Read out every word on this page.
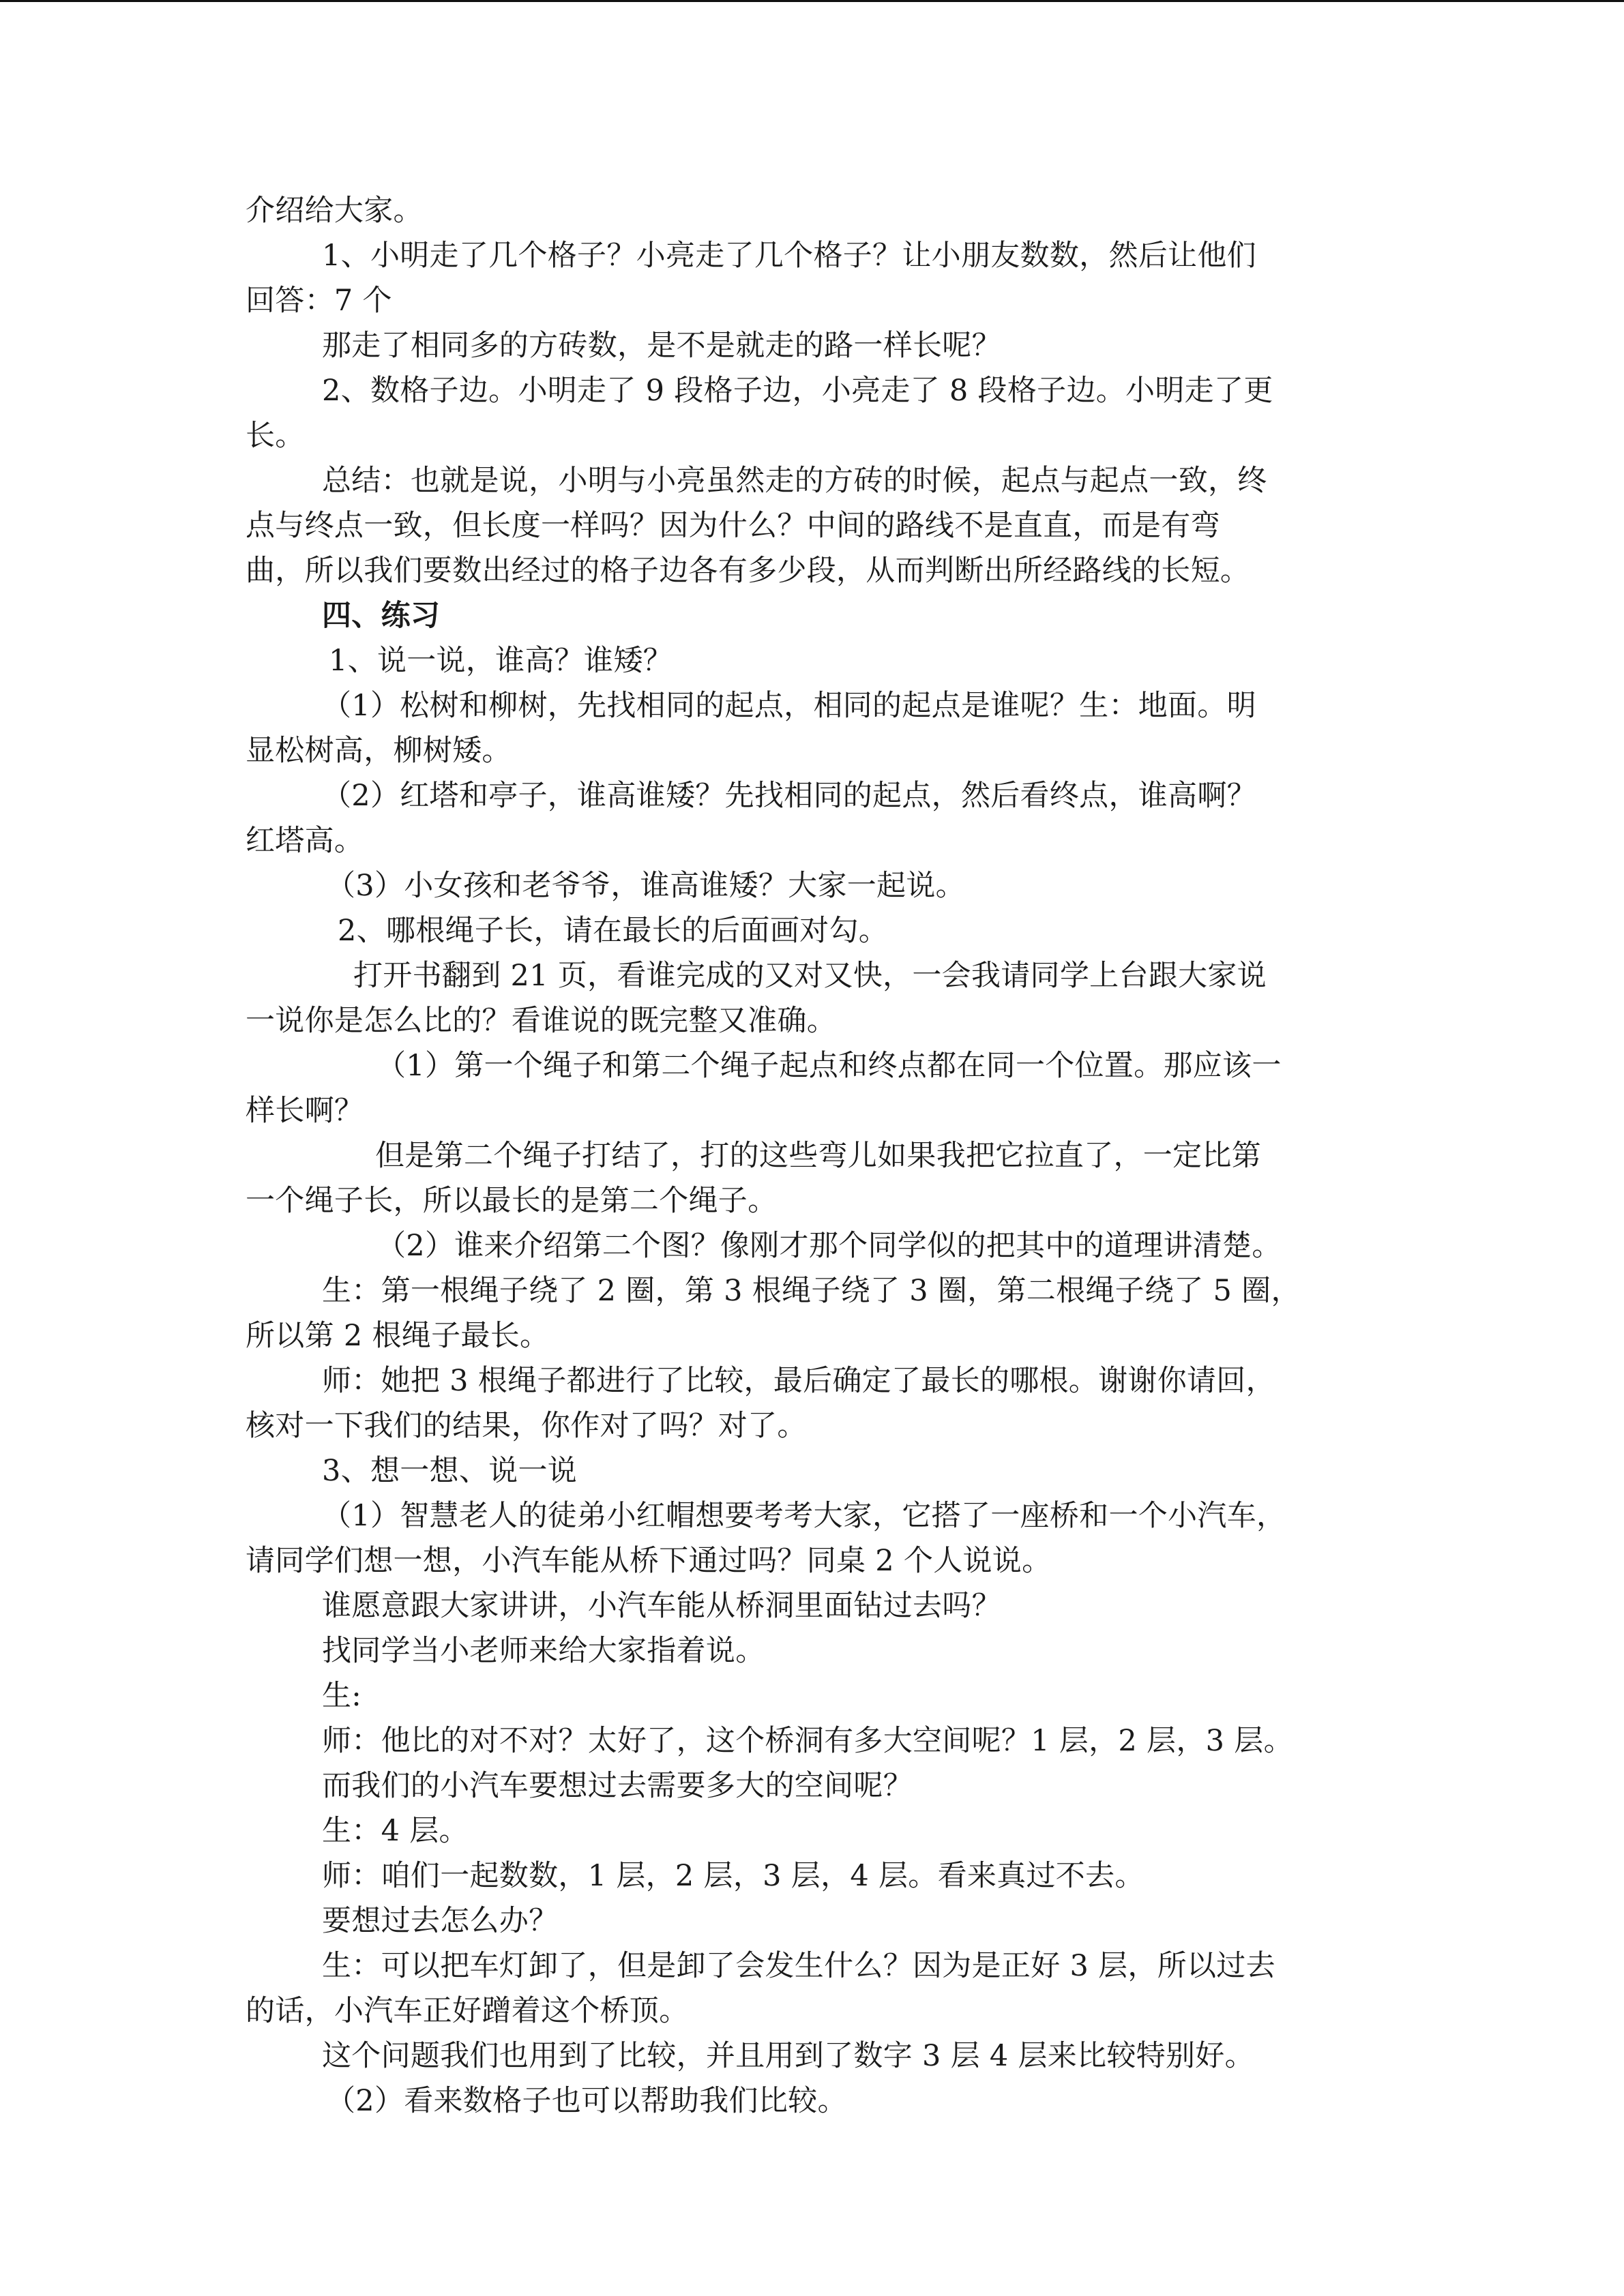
介绍给大家。
1、小明走了几个格子？小亮走了几个格子？让小朋友数数，然后让他们
回答：7 个
那走了相同多的方砖数，是不是就走的路一样长呢？
2、数格子边。小明走了 9 段格子边，小亮走了 8 段格子边。小明走了更
长。
总结：也就是说，小明与小亮虽然走的方砖的时候，起点与起点一致，终
点与终点一致，但长度一样吗？因为什么？中间的路线不是直直，而是有弯
曲，所以我们要数出经过的格子边各有多少段，从而判断出所经路线的长短。
四、练习
1、说一说，谁高？谁矮？
（1）松树和柳树，先找相同的起点，相同的起点是谁呢？生：地面。明
显松树高，柳树矮。
（2）红塔和亭子，谁高谁矮？先找相同的起点，然后看终点，谁高啊？
红塔高。
（3）小女孩和老爷爷，谁高谁矮？大家一起说。
2、哪根绳子长，请在最长的后面画对勾。
打开书翻到 21 页，看谁完成的又对又快，一会我请同学上台跟大家说
一说你是怎么比的？看谁说的既完整又准确。
（1）第一个绳子和第二个绳子起点和终点都在同一个位置。那应该一
样长啊？
但是第二个绳子打结了，打的这些弯儿如果我把它拉直了，一定比第
一个绳子长，所以最长的是第二个绳子。
（2）谁来介绍第二个图？像刚才那个同学似的把其中的道理讲清楚。
生：第一根绳子绕了 2 圈，第 3 根绳子绕了 3 圈，第二根绳子绕了 5 圈，
所以第 2 根绳子最长。
师：她把 3 根绳子都进行了比较，最后确定了最长的哪根。谢谢你请回，
核对一下我们的结果，你作对了吗？对了。
3、想一想、说一说
（1）智慧老人的徒弟小红帽想要考考大家，它搭了一座桥和一个小汽车，
请同学们想一想，小汽车能从桥下通过吗？同桌 2 个人说说。
谁愿意跟大家讲讲，小汽车能从桥洞里面钻过去吗？
找同学当小老师来给大家指着说。
生:
师：他比的对不对？太好了，这个桥洞有多大空间呢？1 层，2 层，3 层。
而我们的小汽车要想过去需要多大的空间呢？
生：4 层。
师：咱们一起数数，1 层，2 层，3 层，4 层。看来真过不去。
要想过去怎么办？
生：可以把车灯卸了，但是卸了会发生什么？因为是正好 3 层，所以过去
的话，小汽车正好蹭着这个桥顶。
这个问题我们也用到了比较，并且用到了数字 3 层 4 层来比较特别好。
（2）看来数格子也可以帮助我们比较。
